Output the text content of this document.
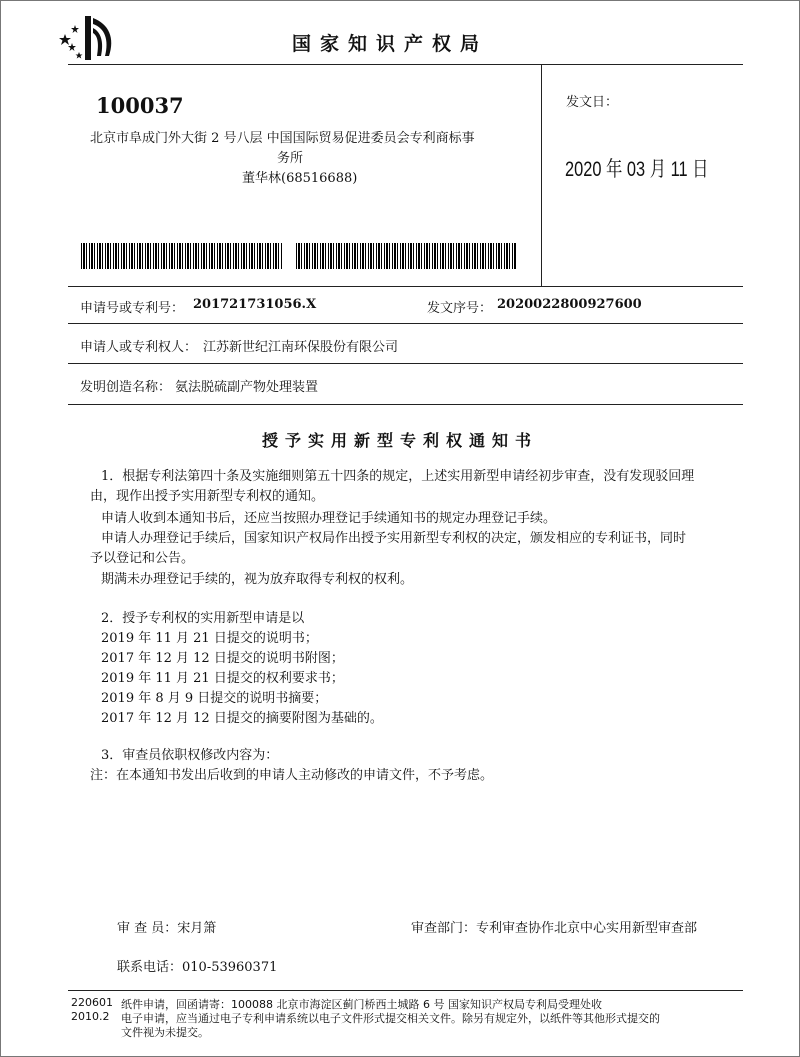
国家知识产权局
100037
北京市阜成门外大街 2 号八层 中国国际贸易促进委员会专利商标事
务所
董华林(68516688)
发文日：
2020 年 03 月 11 日
申请号或专利号： 201721731056.X	发文序号： 2020022800927600
申请人或专利权人： 江苏新世纪江南环保股份有限公司
发明创造名称： 氨法脱硫副产物处理装置
授予实用新型专利权通知书
1．根据专利法第四十条及实施细则第五十四条的规定，上述实用新型申请经初步审查，没有发现驳回理
由，现作出授予实用新型专利权的通知。
申请人收到本通知书后，还应当按照办理登记手续通知书的规定办理登记手续。
申请人办理登记手续后，国家知识产权局作出授予实用新型专利权的决定，颁发相应的专利证书，同时
予以登记和公告。
期满未办理登记手续的，视为放弃取得专利权的权利。
2．授予专利权的实用新型申请是以
2019 年 11 月 21 日提交的说明书；
2017 年 12 月 12 日提交的说明书附图；
2019 年 11 月 21 日提交的权利要求书；
2019 年 8 月 9 日提交的说明书摘要；
2017 年 12 月 12 日提交的摘要附图为基础的。
3．审查员依职权修改内容为：
注：在本通知书发出后收到的申请人主动修改的申请文件，不予考虑。
审 查 员：宋月箫	审查部门：专利审查协作北京中心实用新型审查部
联系电话：010-53960371
220601
2010.2
纸件申请，回函请寄：100088 北京市海淀区蓟门桥西土城路 6 号 国家知识产权局专利局受理处收
电子申请，应当通过电子专利申请系统以电子文件形式提交相关文件。除另有规定外，以纸件等其他形式提交的
文件视为未提交。
